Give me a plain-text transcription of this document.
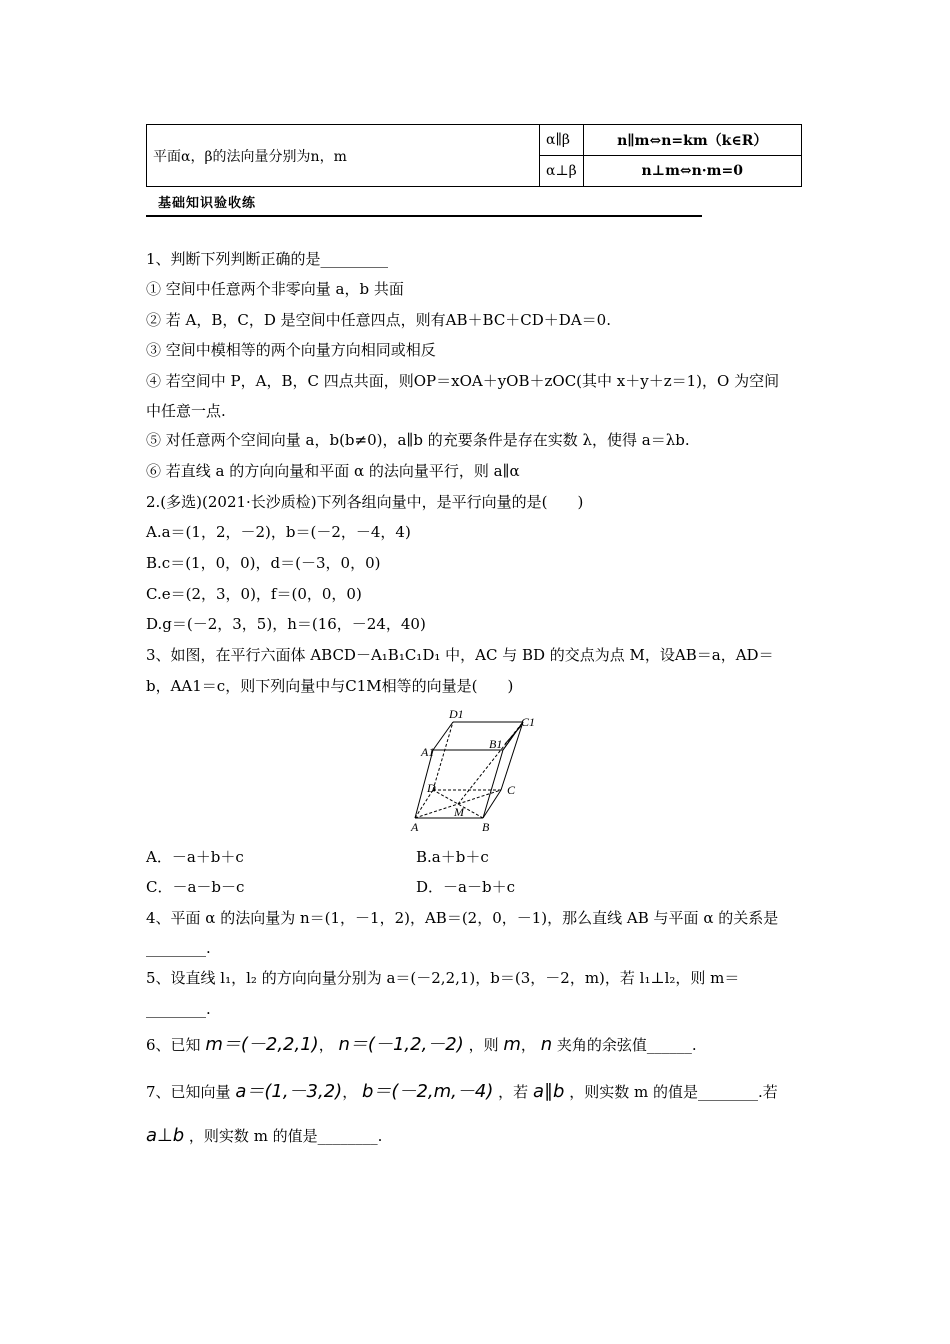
平面α，β的法向量分别为n，m	α∥β	n∥m⇔n=km（k∈R）
	α⊥β	n⊥m⇔n·m=0
基础知识验收练
1、判断下列判断正确的是_________
① 空间中任意两个非零向量 a，b 共面
② 若 A，B，C，D 是空间中任意四点，则有AB＋BC＋CD＋DA＝0.
③ 空间中模相等的两个向量方向相同或相反
④ 若空间中 P，A，B，C 四点共面，则OP＝xOA＋yOB＋zOC(其中 x＋y＋z＝1)，O 为空间
中任意一点.
⑤ 对任意两个空间向量 a，b(b≠0)，a∥b 的充要条件是存在实数 λ，使得 a＝λb.
⑥ 若直线 a 的方向向量和平面 α 的法向量平行，则 a∥α
2.(多选)(2021·长沙质检)下列各组向量中，是平行向量的是(　　)
A.a＝(1，2，－2)，b＝(－2，－4，4)
B.c＝(1，0，0)，d＝(－3，0，0)
C.e＝(2，3，0)，f＝(0，0，0)
D.g＝(－2，3，5)，h＝(16，－24，40)
3、如图，在平行六面体 ABCD－A₁B₁C₁D₁ 中，AC 与 BD 的交点为点 M，设AB＝a，AD＝
b，AA1＝c，则下列向量中与C1M相等的向量是(　　)
D1
C1
A1
B1
D	C
M
A	B
A．－a＋b＋c	B.a＋b＋c
C．－a－b－c	D．－a－b＋c
4、平面 α 的法向量为 n＝(1，－1，2)，AB＝(2，0，－1)，那么直线 AB 与平面 α 的关系是
________.
5、设直线 l₁，l₂ 的方向向量分别为 a＝(－2,2,1)，b＝(3，－2，m)，若 l₁⊥l₂，则 m＝
________.
6、已知 m＝(－2,2,1)， n＝(－1,2,－2) ，则 m， n 夹角的余弦值______.
7、已知向量 a＝(1,－3,2)， b＝(－2,m,－4) ，若 a∥b ，则实数 m 的值是________.若
a⊥b ，则实数 m 的值是________.
